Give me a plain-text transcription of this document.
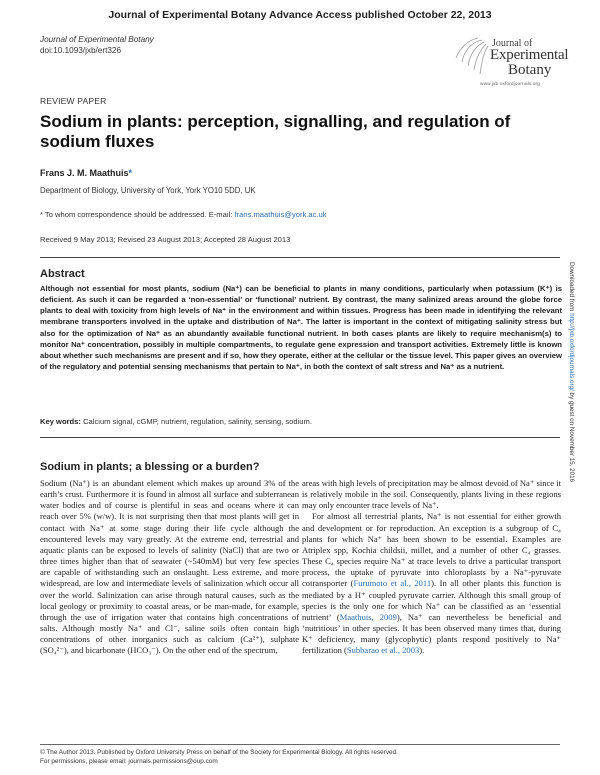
Journal of Experimental Botany Advance Access published October 22, 2013
Journal of Experimental Botany
doi:10.1093/jxb/ert326
Journal of
Experimental
Botany
www.jxb.oxfordjournals.org
REVIEW PAPER
Sodium in plants: perception, signalling, and regulation of sodium fluxes
Frans J. M. Maathuis*
Department of Biology, University of York, York YO10 5DD, UK
* To whom correspondence should be addressed. E-mail: frans.maathuis@york.ac.uk
Received 9 May 2013; Revised 23 August 2013; Accepted 28 August 2013
Abstract
Although not essential for most plants, sodium (Na⁺) can be beneficial to plants in many conditions, particularly when potassium (K⁺) is deficient. As such it can be regarded a ‘non-essential’ or ‘functional’ nutrient. By contrast, the many salinized areas around the globe force plants to deal with toxicity from high levels of Na⁺ in the environment and within tissues. Progress has been made in identifying the relevant membrane transporters involved in the uptake and distribution of Na⁺. The latter is important in the context of mitigating salinity stress but also for the optimization of Na⁺ as an abundantly available functional nutrient. In both cases plants are likely to require mechanism(s) to monitor Na⁺ concentration, possibly in multiple compartments, to regulate gene expression and transport activities. Extremely little is known about whether such mechanisms are present and if so, how they operate, either at the cellular or the tissue level. This paper gives an overview of the regulatory and potential sensing mechanisms that pertain to Na⁺, in both the context of salt stress and Na⁺ as a nutrient.
Key words: Calcium signal, cGMP, nutrient, regulation, salinity, sensing, sodium.
Sodium in plants; a blessing or a burden?

Sodium (Na⁺) is an abundant element which makes up around 3% of the earth’s crust. Furthermore it is found in almost all surface and subterranean water bodies and of course is plentiful in seas and oceans where it can reach over 5% (w/w). It is not surprising then that most plants will get in contact with Na⁺ at some stage during their life cycle although the encountered levels may vary greatly. At the extreme end, terrestrial and aquatic plants can be exposed to levels of salinity (NaCl) that are two or three times higher than that of seawater (~540mM) but very few species are capable of withstanding such an onslaught. Less extreme, and more widespread, are low and intermediate levels of salinization which occur all over the world. Salinization can arise through natural causes, such as the local geology or proximity to coastal areas, or be man-made, for example, through the use of irrigation water that contains high concentrations of salts. Although mostly Na⁺ and Cl⁻, saline soils often contain high concentrations of other inorganics such as calcium (Ca²⁺), sulphate (SO₄²⁻), and bicarbonate (HCO₃⁻). On the other end of the spectrum,

areas with high levels of precipitation may be almost devoid of Na⁺ since it is relatively mobile in the soil. Consequently, plants living in these regions may only encounter trace levels of Na⁺.

For almost all terrestrial plants, Na⁺ is not essential for either growth and development or for reproduction. An exception is a subgroup of C₄ plants for which Na⁺ has been shown to be essential. Examples are Atriplex spp, Kochia childsii, millet, and a number of other C₄ grasses. These C₄ species require Na⁺ at trace levels to drive a particular transport process, the uptake of pyruvate into chloroplasts by a Na⁺-pyruvate cotransporter (Furumoto et al., 2011). In all other plants this function is mediated by a H⁺ coupled pyruvate carrier. Although this small group of species is the only one for which Na⁺ can be classified as an ‘essential nutrient’ (Maathuis, 2009), Na⁺ can nevertheless be beneficial and ‘nutritious’ in other species. It has been observed many times that, during K⁺ deficiency, many (glycophytic) plants respond positively to Na⁺ fertilization (Subbarao et al., 2003).

Downloaded from http://jxb.oxfordjournals.org/ by guest on November 15, 2016
© The Author 2013. Published by Oxford University Press on behalf of the Society for Experimental Biology. All rights reserved.
For permissions, please email: journals.permissions@oup.com
